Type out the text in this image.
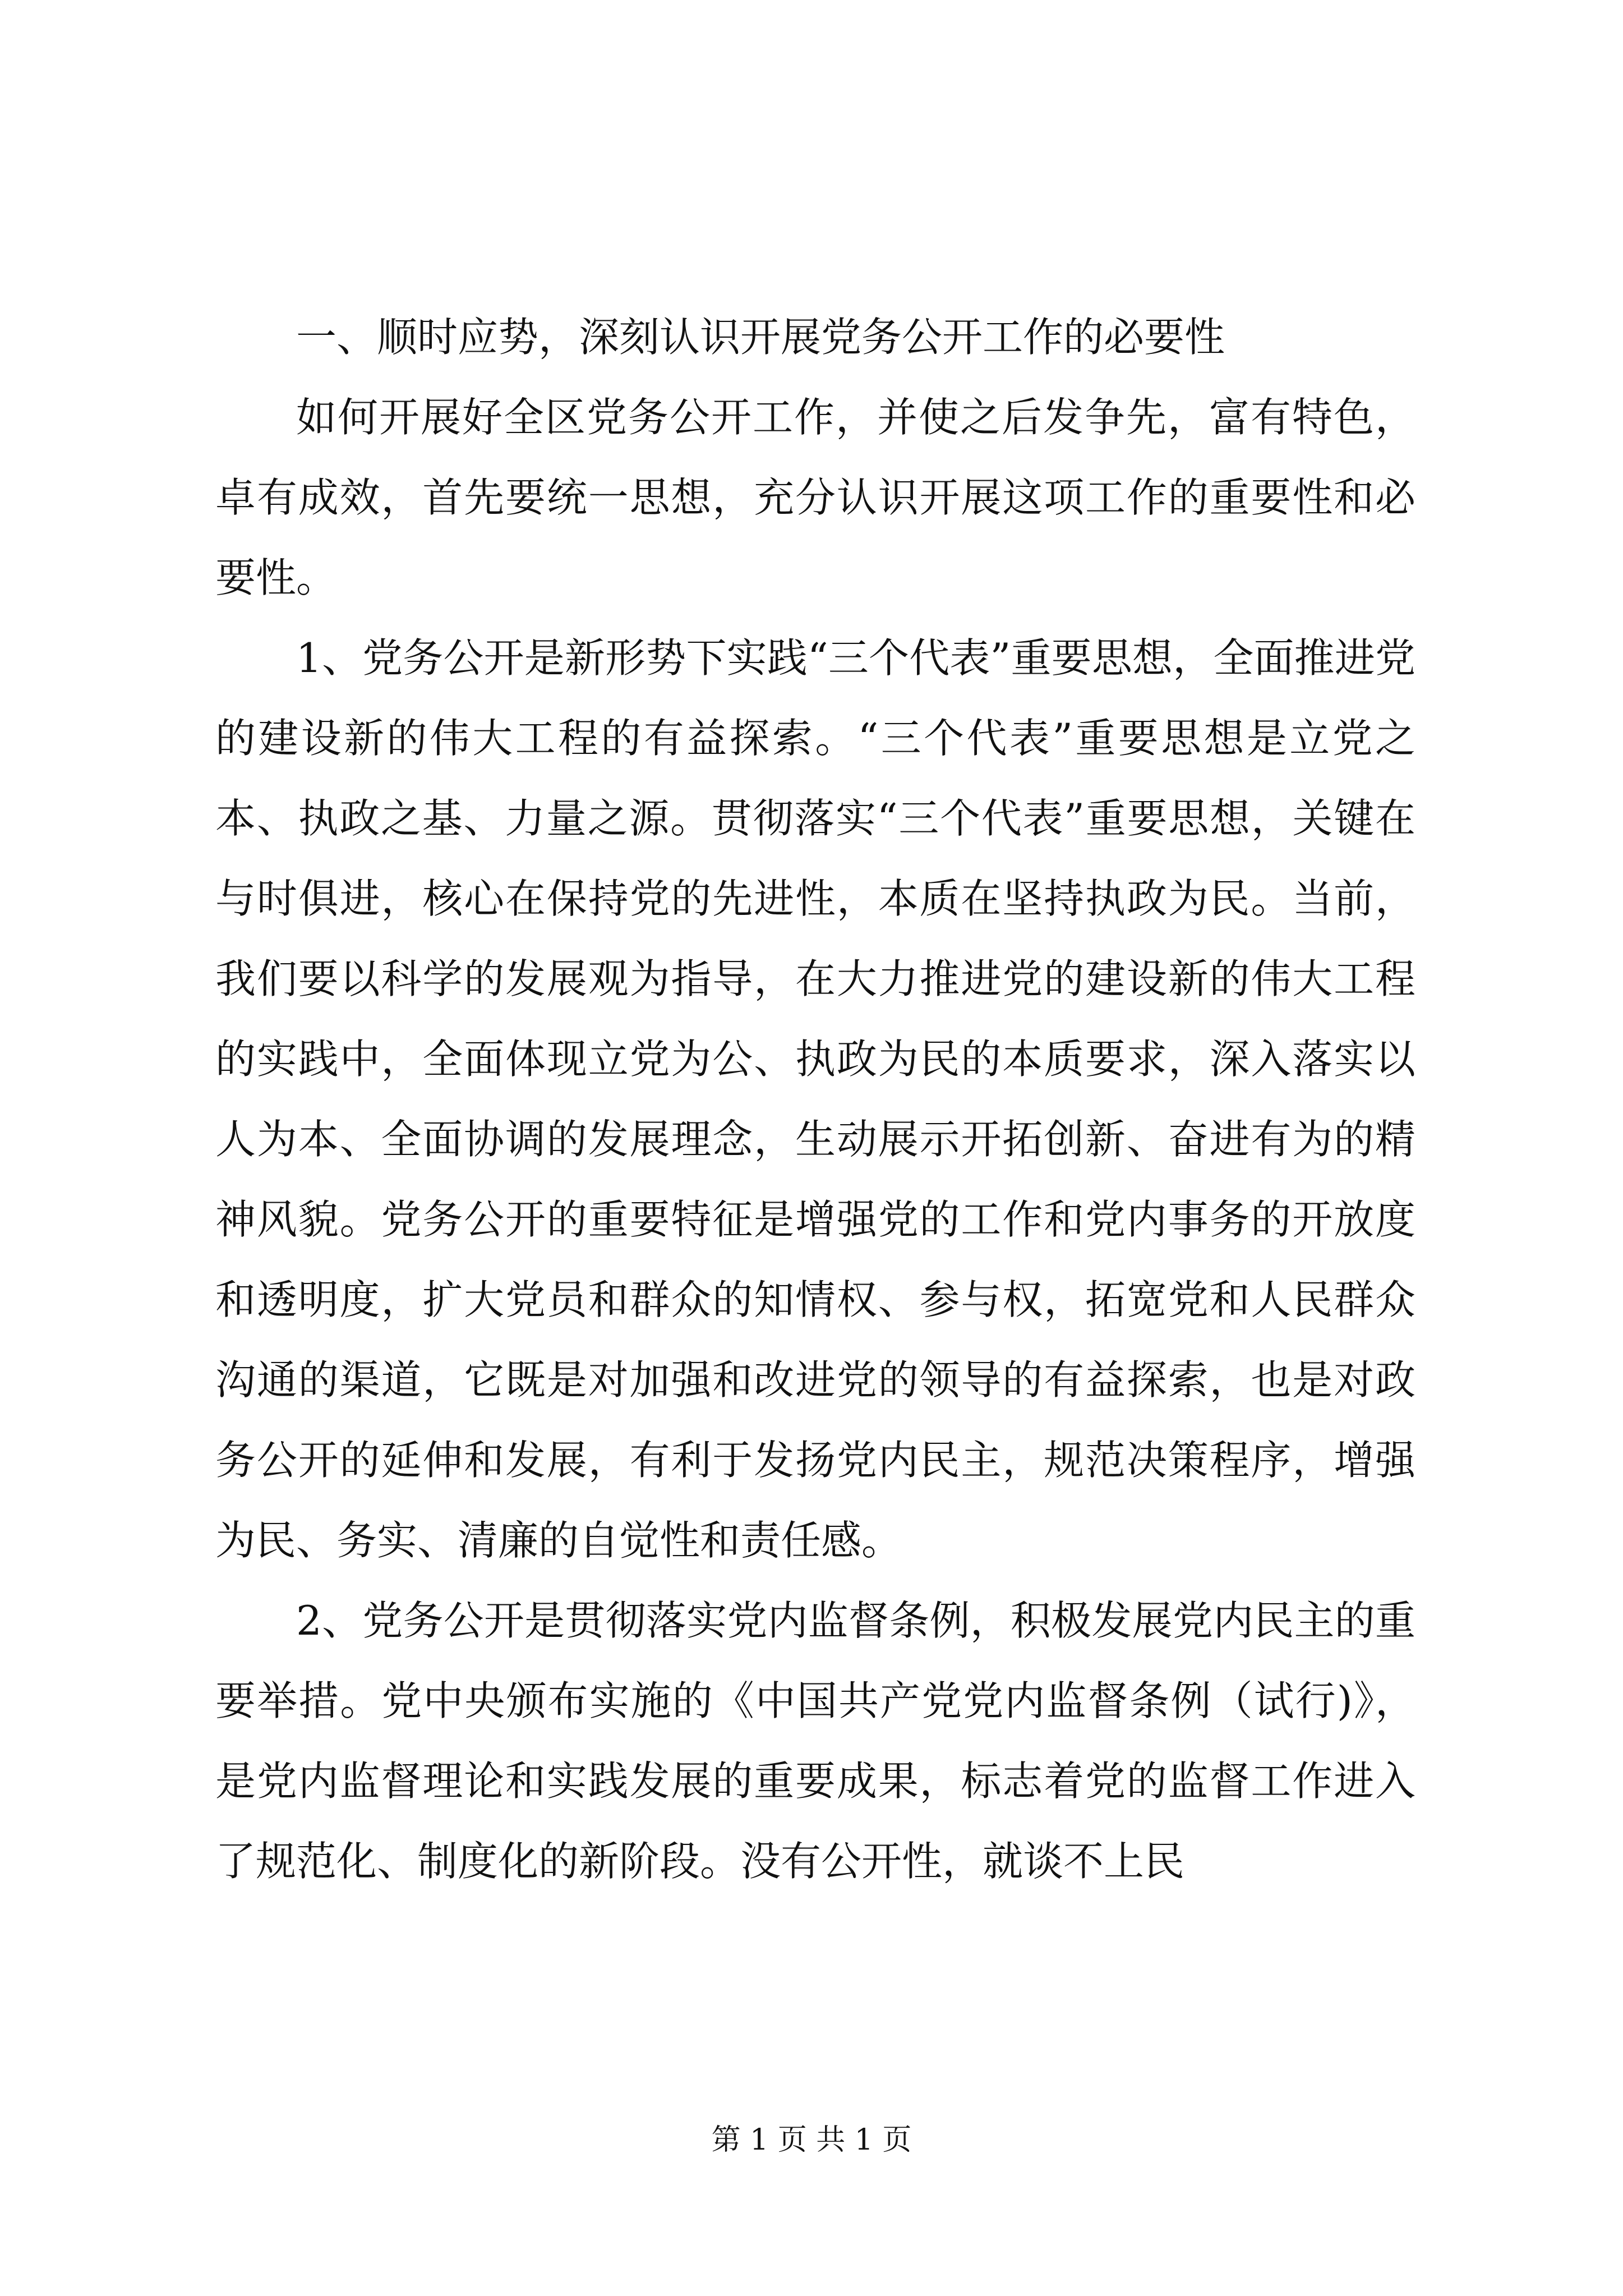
一、顺时应势，深刻认识开展党务公开工作的必要性

如何开展好全区党务公开工作，并使之后发争先，富有特色，卓有成效，首先要统一思想，充分认识开展这项工作的重要性和必要性。

1、党务公开是新形势下实践“三个代表”重要思想，全面推进党的建设新的伟大工程的有益探索。“三个代表”重要思想是立党之本、执政之基、力量之源。贯彻落实“三个代表”重要思想，关键在与时俱进，核心在保持党的先进性，本质在坚持执政为民。当前，我们要以科学的发展观为指导，在大力推进党的建设新的伟大工程的实践中，全面体现立党为公、执政为民的本质要求，深入落实以人为本、全面协调的发展理念，生动展示开拓创新、奋进有为的精神风貌。党务公开的重要特征是增强党的工作和党内事务的开放度和透明度，扩大党员和群众的知情权、参与权，拓宽党和人民群众沟通的渠道，它既是对加强和改进党的领导的有益探索，也是对政务公开的延伸和发展，有利于发扬党内民主，规范决策程序，增强为民、务实、清廉的自觉性和责任感。

2、党务公开是贯彻落实党内监督条例，积极发展党内民主的重要举措。党中央颁布实施的《中国共产党党内监督条例（试行)》，是党内监督理论和实践发展的重要成果，标志着党的监督工作进入了规范化、制度化的新阶段。没有公开性，就谈不上民

第 1 页 共 1 页
